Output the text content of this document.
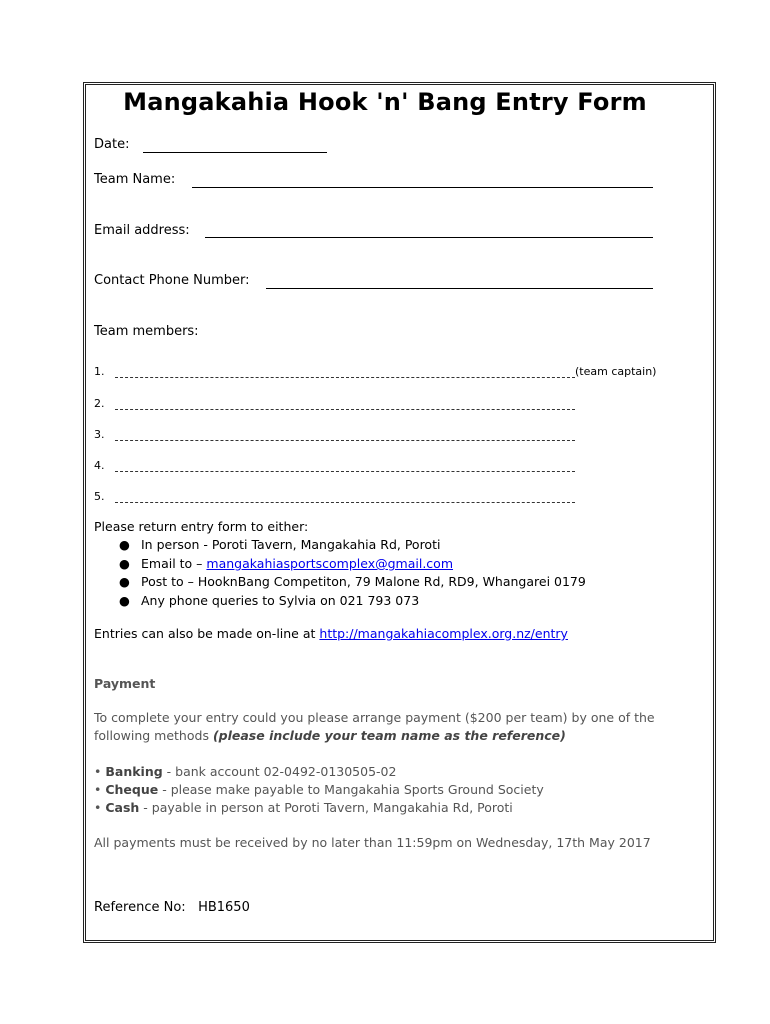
Mangakahia Hook 'n' Bang Entry Form
Date:
Team Name:
Email address:
Contact Phone Number:
Team members:
1.	(team captain)
2.
3.
4.
5.
Please return entry form to either:
● In person - Poroti Tavern, Mangakahia Rd, Poroti
● Email to – mangakahiasportscomplex@gmail.com
● Post to – HooknBang Competiton, 79 Malone Rd, RD9, Whangarei 0179
● Any phone queries to Sylvia on 021 793 073
Entries can also be made on-line at http://mangakahiacomplex.org.nz/entry
Payment
To complete your entry could you please arrange payment ($200 per team) by one of the
following methods (please include your team name as the reference)
• Banking - bank account 02-0492-0130505-02
• Cheque - please make payable to Mangakahia Sports Ground Society
• Cash - payable in person at Poroti Tavern, Mangakahia Rd, Poroti
All payments must be received by no later than 11:59pm on Wednesday, 17th May 2017
Reference No: HB1650
